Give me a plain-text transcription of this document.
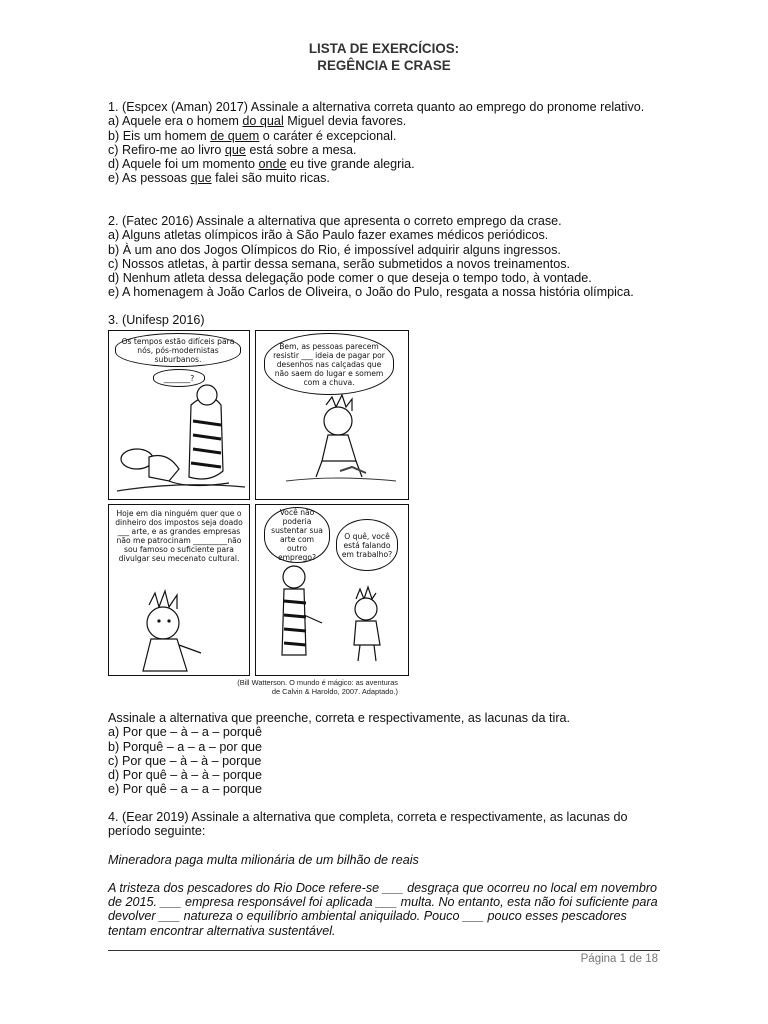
LISTA DE EXERCÍCIOS:
REGÊNCIA E CRASE

1. (Espcex (Aman) 2017) Assinale a alternativa correta quanto ao emprego do pronome relativo.

a) Aquele era o homem do qual Miguel devia favores.

b) Eis um homem de quem o caráter é excepcional.

c) Refiro-me ao livro que está sobre a mesa.

d) Aquele foi um momento onde eu tive grande alegria.

e) As pessoas que falei são muito ricas.

2. (Fatec 2016) Assinale a alternativa que apresenta o correto emprego da crase.

a) Alguns atletas olímpicos irão à São Paulo fazer exames médicos periódicos.

b) À um ano dos Jogos Olímpicos do Rio, é impossível adquirir alguns ingressos.

c) Nossos atletas, à partir dessa semana, serão submetidos a novos treinamentos.

d) Nenhum atleta dessa delegação pode comer o que deseja o tempo todo, à vontade.

e) A homenagem à João Carlos de Oliveira, o João do Pulo, resgata a nossa história olímpica.

3. (Unifesp 2016)

Os tempos estão difíceis para nós, pós-modernistas suburbanos.
_______?
Bem, as pessoas parecem resistir ___ ideia de pagar por desenhos nas calçadas que não saem do lugar e somem com a chuva.
Hoje em dia ninguém quer que o dinheiro dos impostos seja doado ___ arte, e as grandes empresas não me patrocinam _________não sou famoso o suficiente para divulgar seu mecenato cultural.
Você não poderia sustentar sua arte com outro emprego?
O quê, você está falando em trabalho?
(Bill Watterson. O mundo é mágico: as aventuras
de Calvin & Haroldo, 2007. Adaptado.)

Assinale a alternativa que preenche, correta e respectivamente, as lacunas da tira.

a) Por que – à – a – porquê

b) Porquê – a – a – por que

c) Por que – à – à – porque

d) Por quê – à – à – porque

e) Por quê – a – a – porque

4. (Eear 2019) Assinale a alternativa que completa, correta e respectivamente, as lacunas do período seguinte:

Mineradora paga multa milionária de um bilhão de reais

A tristeza dos pescadores do Rio Doce refere-se ___ desgraça que ocorreu no local em novembro de 2015. ___ empresa responsável foi aplicada ___ multa. No entanto, esta não foi suficiente para devolver ___ natureza o equilíbrio ambiental aniquilado. Pouco ___ pouco esses pescadores tentam encontrar alternativa sustentável.

Página 1 de 18
